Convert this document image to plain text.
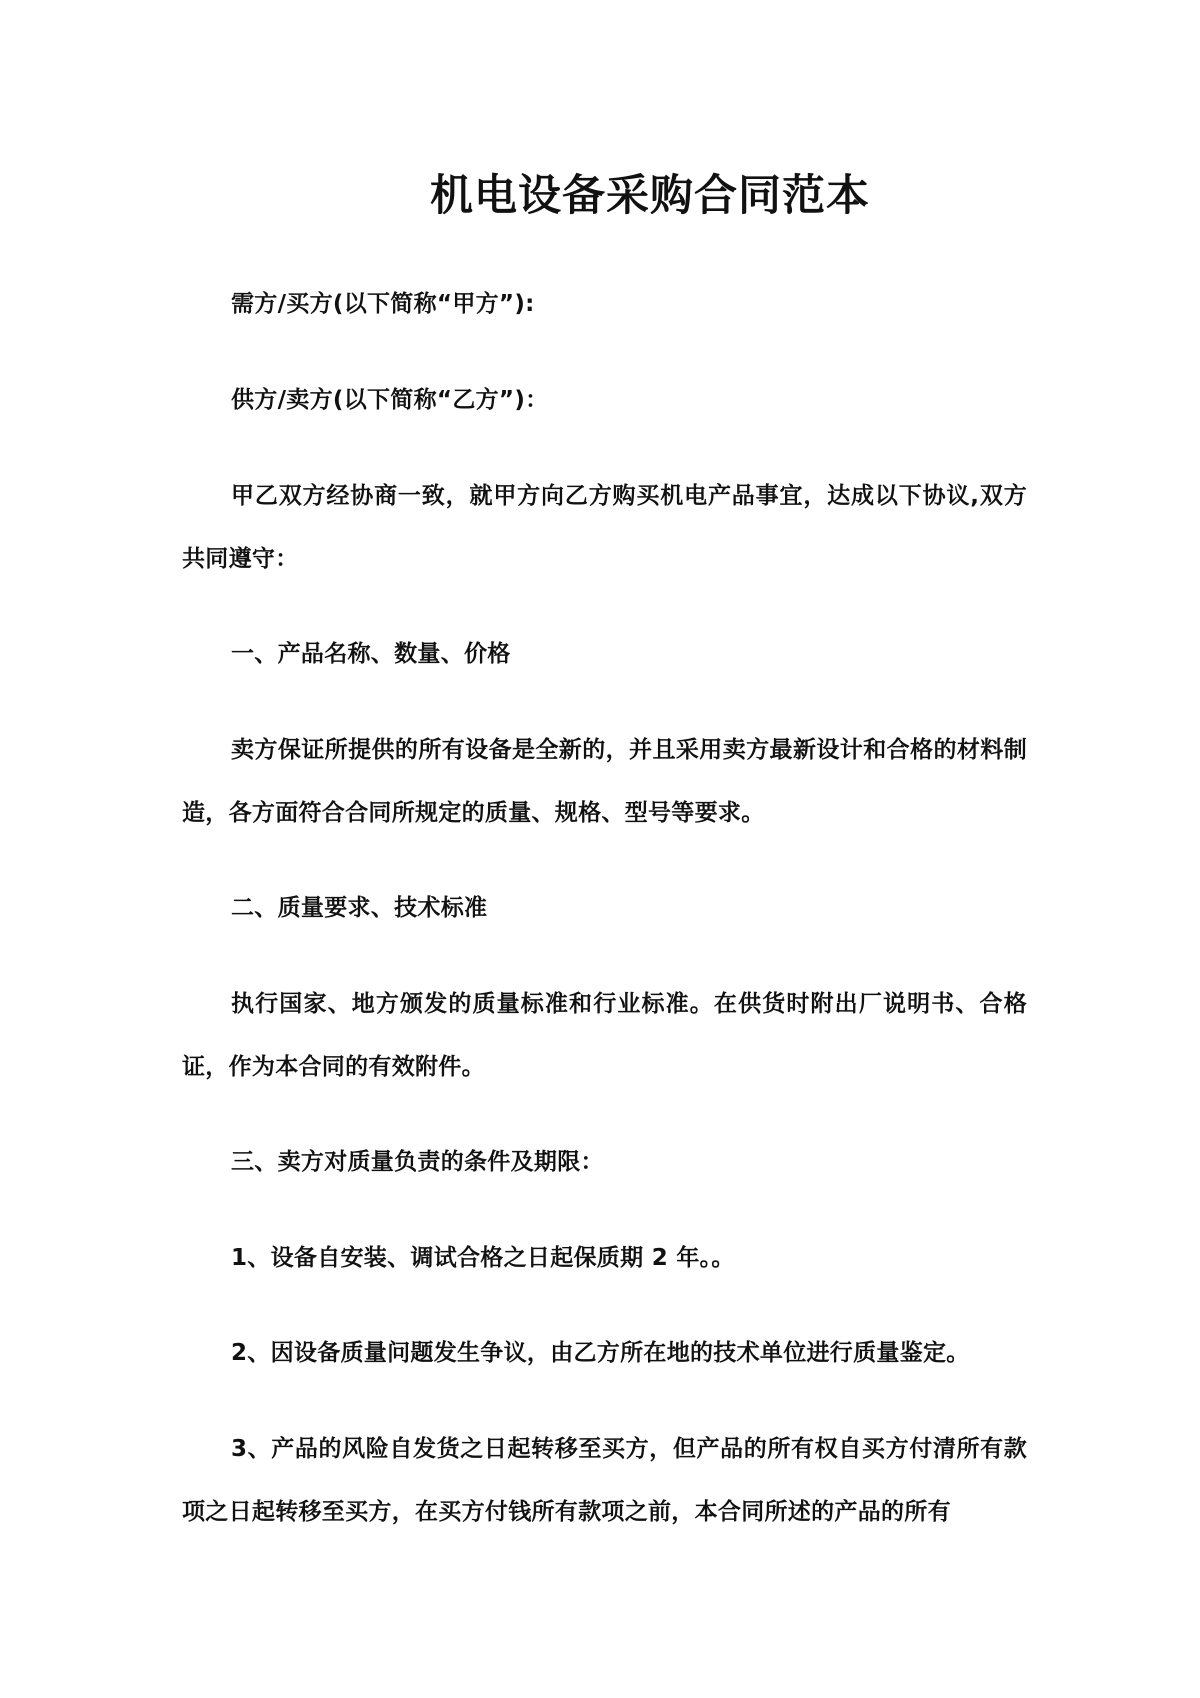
机电设备采购合同范本

需方/买方(以下简称“甲方”):

供方/卖方(以下简称“乙方”)：

甲乙双方经协商一致，就甲方向乙方购买机电产品事宜，达成以下协议,双方共同遵守：

一、产品名称、数量、价格

卖方保证所提供的所有设备是全新的，并且采用卖方最新设计和合格的材料制造，各方面符合合同所规定的质量、规格、型号等要求。

二、质量要求、技术标准

执行国家、地方颁发的质量标准和行业标准。在供货时附出厂说明书、合格证，作为本合同的有效附件。

三、卖方对质量负责的条件及期限：

1、设备自安装、调试合格之日起保质期 2 年。。

2、因设备质量问题发生争议，由乙方所在地的技术单位进行质量鉴定。

3、产品的风险自发货之日起转移至买方，但产品的所有权自买方付清所有款项之日起转移至买方，在买方付钱所有款项之前，本合同所述的产品的所有
